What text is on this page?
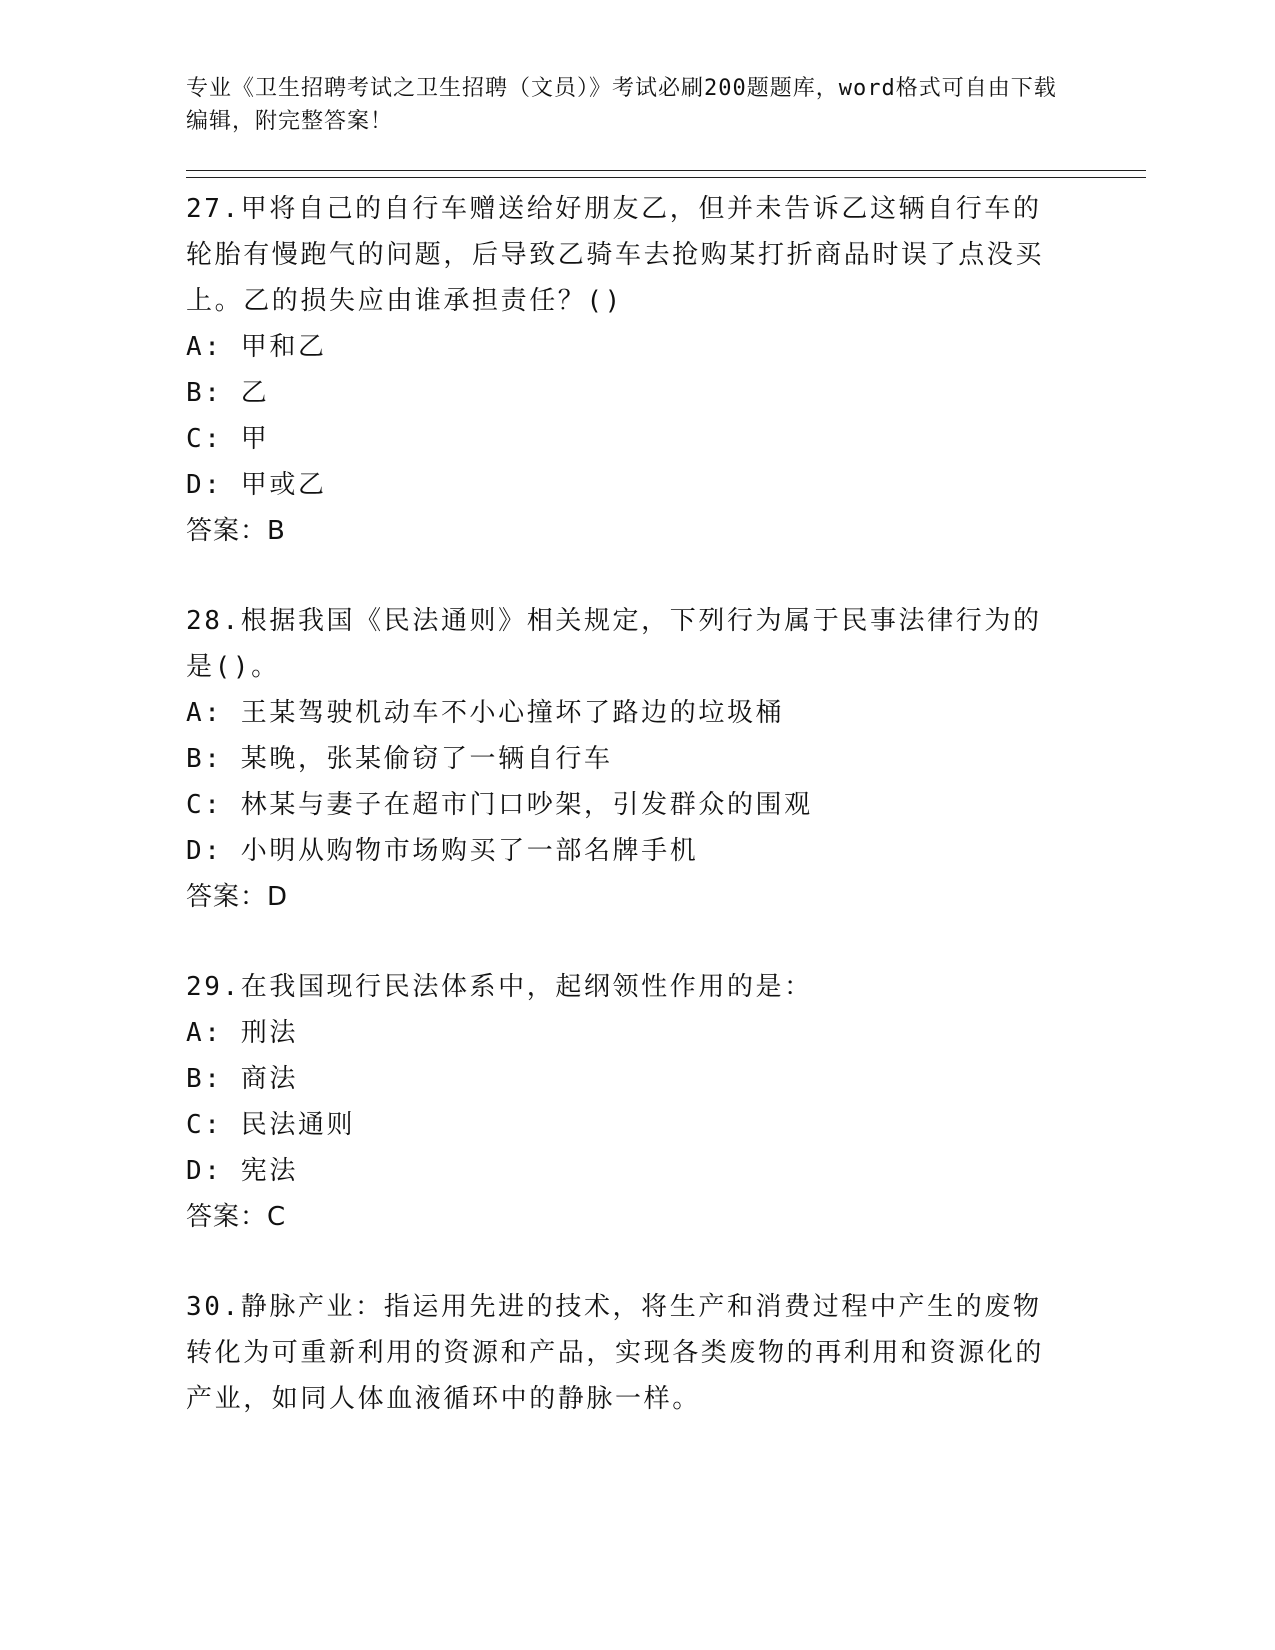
专业《卫生招聘考试之卫生招聘（文员）》考试必刷200题题库，word格式可自由下载编辑，附完整答案！

27.甲将自己的自行车赠送给好朋友乙，但并未告诉乙这辆自行车的轮胎有慢跑气的问题，后导致乙骑车去抢购某打折商品时误了点没买上。乙的损失应由谁承担责任？()

A: 甲和乙

B: 乙

C: 甲

D: 甲或乙

答案：B

28.根据我国《民法通则》相关规定，下列行为属于民事法律行为的是()。

A: 王某驾驶机动车不小心撞坏了路边的垃圾桶

B: 某晚，张某偷窃了一辆自行车

C: 林某与妻子在超市门口吵架，引发群众的围观

D: 小明从购物市场购买了一部名牌手机

答案：D

29.在我国现行民法体系中，起纲领性作用的是：

A: 刑法

B: 商法

C: 民法通则

D: 宪法

答案：C

30.静脉产业：指运用先进的技术，将生产和消费过程中产生的废物转化为可重新利用的资源和产品，实现各类废物的再利用和资源化的产业，如同人体血液循环中的静脉一样。
